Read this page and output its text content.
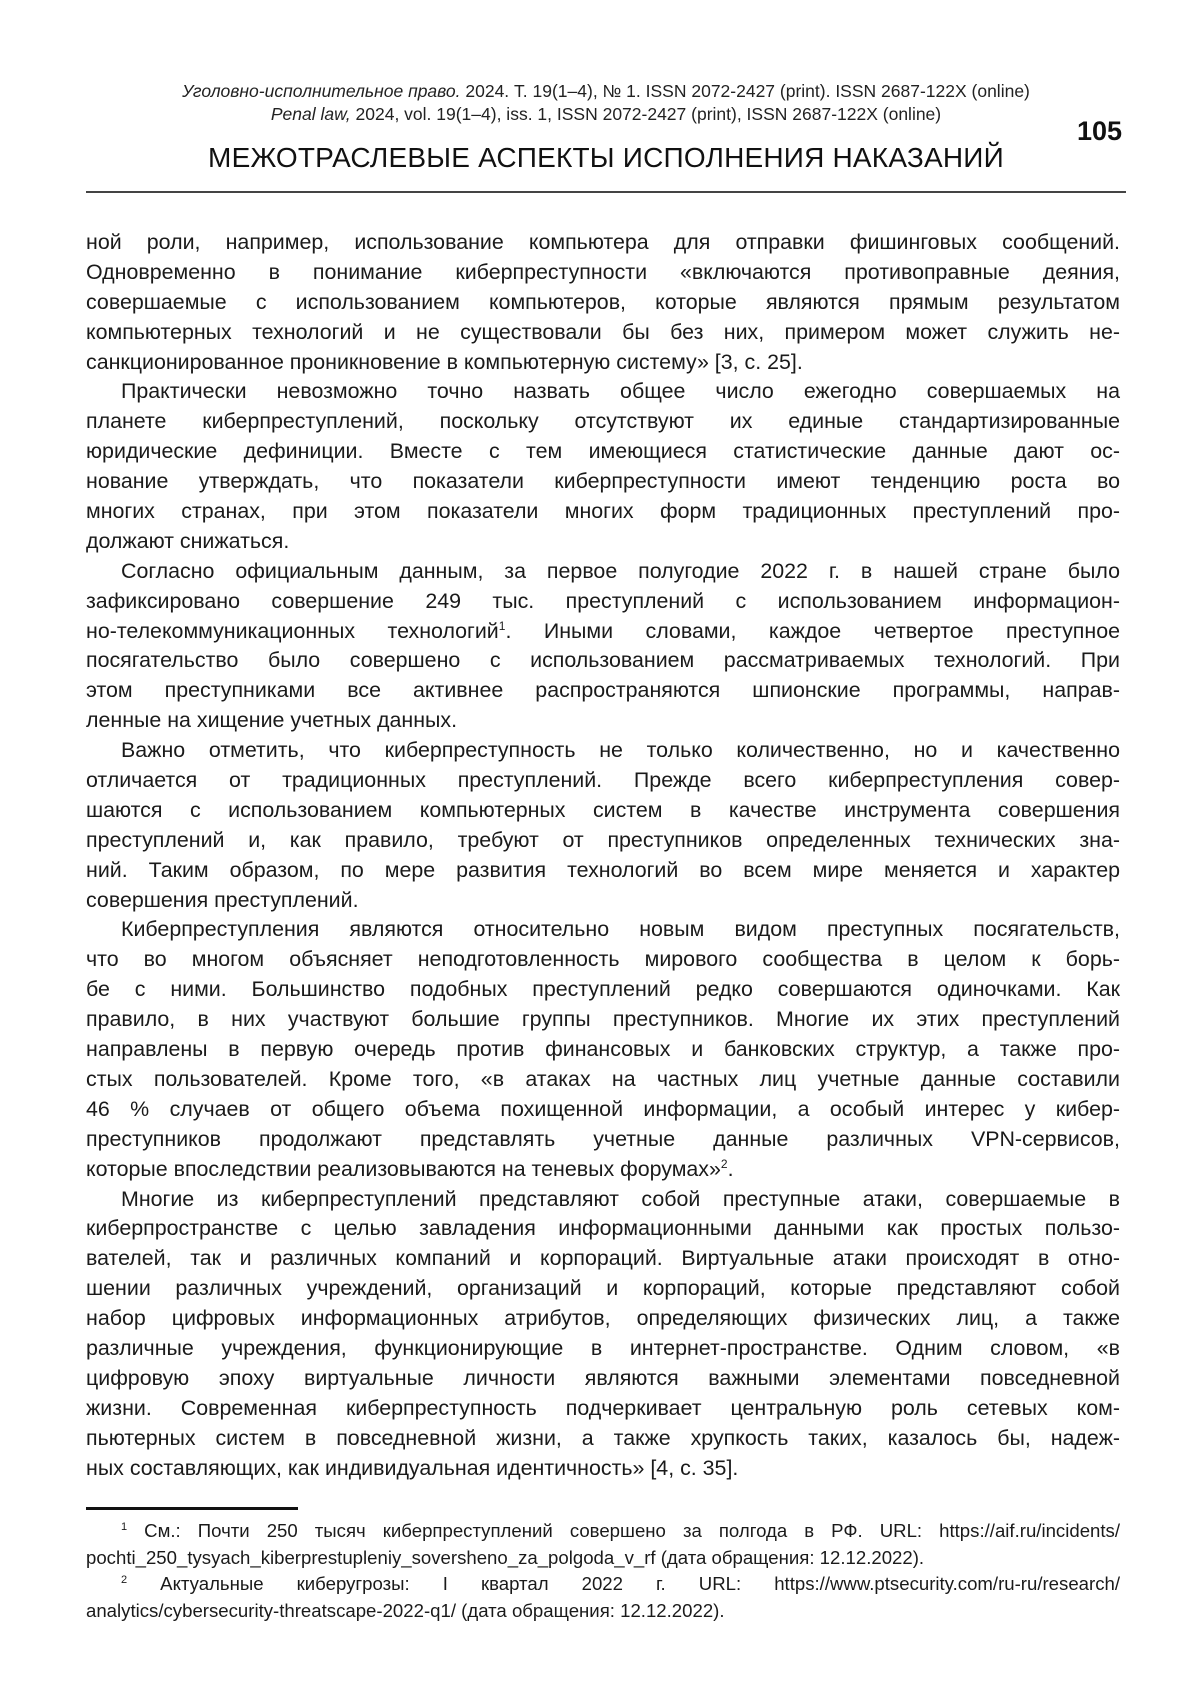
Уголовно-исполнительное право. 2024. Т. 19(1–4), № 1. ISSN 2072-2427 (print). ISSN 2687-122X (online)
Penal law, 2024, vol. 19(1–4), iss. 1, ISSN 2072-2427 (print), ISSN 2687-122X (online)
105
МЕЖОТРАСЛЕВЫЕ АСПЕКТЫ ИСПОЛНЕНИЯ НАКАЗАНИЙ
ной роли, например, использование компьютера для отправки фишинговых сообщений.
Одновременно в понимание киберпреступности «включаются противоправные деяния,
совершаемые с использованием компьютеров, которые являются прямым результатом
компьютерных технологий и не существовали бы без них, примером может служить не-
санкционированное проникновение в компьютерную систему» [3, с. 25].
Практически невозможно точно назвать общее число ежегодно совершаемых на
планете киберпреступлений, поскольку отсутствуют их единые стандартизированные
юридические дефиниции. Вместе с тем имеющиеся статистические данные дают ос-
нование утверждать, что показатели киберпреступности имеют тенденцию роста во
многих странах, при этом показатели многих форм традиционных преступлений про-
должают снижаться.
Согласно официальным данным, за первое полугодие 2022 г. в нашей стране было
зафиксировано совершение 249 тыс. преступлений с использованием информацион-
но-телекоммуникационных технологий$^1$. Иными словами, каждое четвертое преступное
посягательство было совершено с использованием рассматриваемых технологий. При
этом преступниками все активнее распространяются шпионские программы, направ-
ленные на хищение учетных данных.
Важно отметить, что киберпреступность не только количественно, но и качественно
отличается от традиционных преступлений. Прежде всего киберпреступления совер-
шаются с использованием компьютерных систем в качестве инструмента совершения
преступлений и, как правило, требуют от преступников определенных технических зна-
ний. Таким образом, по мере развития технологий во всем мире меняется и характер
совершения преступлений.
Киберпреступления являются относительно новым видом преступных посягательств,
что во многом объясняет неподготовленность мирового сообщества в целом к борь-
бе с ними. Большинство подобных преступлений редко совершаются одиночками. Как
правило, в них участвуют большие группы преступников. Многие их этих преступлений
направлены в первую очередь против финансовых и банковских структур, а также про-
стых пользователей. Кроме того, «в атаках на частных лиц учетные данные составили
46 % случаев от общего объема похищенной информации, а особый интерес у кибер-
преступников продолжают представлять учетные данные различных VPN-сервисов,
которые впоследствии реализовываются на теневых форумах»$^2$.
Многие из киберпреступлений представляют собой преступные атаки, совершаемые в
киберпространстве с целью завладения информационными данными как простых пользо-
вателей, так и различных компаний и корпораций. Виртуальные атаки происходят в отно-
шении различных учреждений, организаций и корпораций, которые представляют собой
набор цифровых информационных атрибутов, определяющих физических лиц, а также
различные учреждения, функционирующие в интернет-пространстве. Одним словом, «в
цифровую эпоху виртуальные личности являются важными элементами повседневной
жизни. Современная киберпреступность подчеркивает центральную роль сетевых ком-
пьютерных систем в повседневной жизни, а также хрупкость таких, казалось бы, надеж-
ных составляющих, как индивидуальная идентичность» [4, с. 35].
$^1$ См.: Почти 250 тысяч киберпреступлений совершено за полгода в РФ. URL: https://aif.ru/incidents/
pochti_250_tysyach_kiberprestupleniy_sovershenо_za_polgoda_v_rf (дата обращения: 12.12.2022).
$^2$ Актуальные киберугрозы: I квартал 2022 г. URL: https://www.ptsecurity.com/ru-ru/research/
analytics/cybersecurity-threatscape-2022-q1/ (дата обращения: 12.12.2022).
